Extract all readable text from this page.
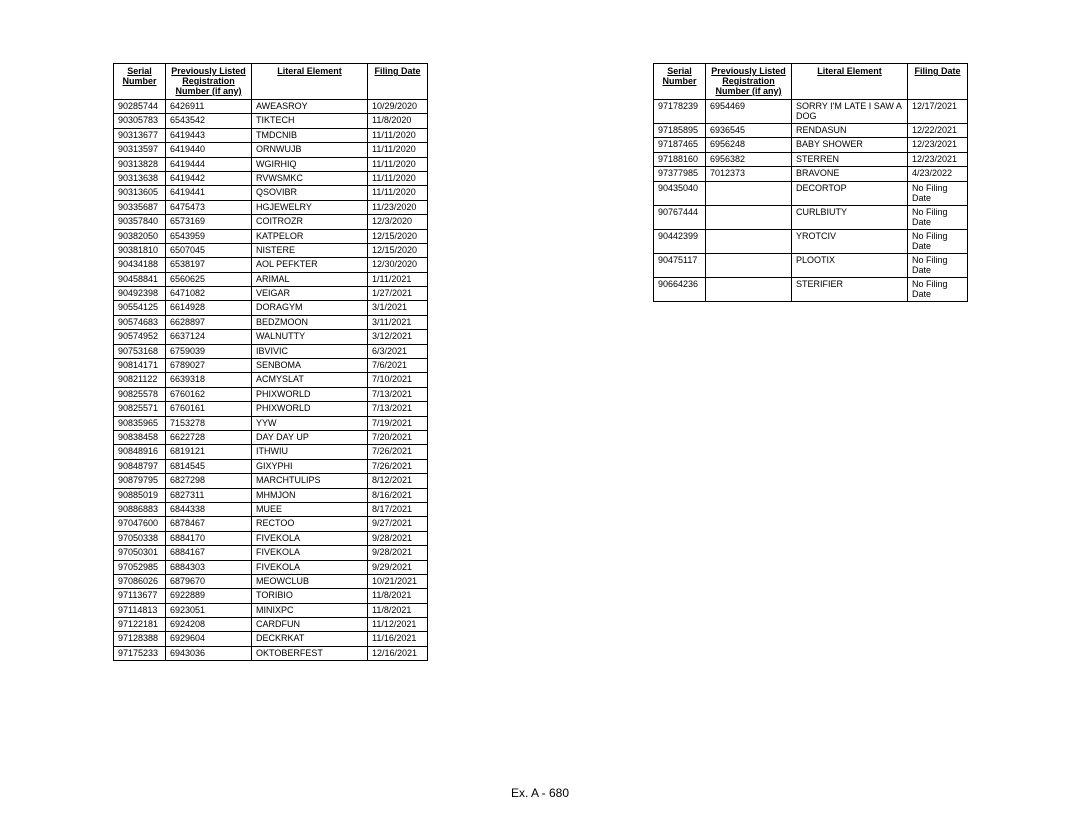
Serial Number	Previously Listed Registration Number (if any)	Literal Element	Filing Date
90285744	6426911	AWEASROY	10/29/2020
90305783	6543542	TIKTECH	11/8/2020
90313677	6419443	TMDCNIB	11/11/2020
90313597	6419440	ORNWUJB	11/11/2020
90313828	6419444	WGIRHIQ	11/11/2020
90313638	6419442	RVWSMKC	11/11/2020
90313605	6419441	QSOVIBR	11/11/2020
90335687	6475473	HGJEWELRY	11/23/2020
90357840	6573169	COITROZR	12/3/2020
90382050	6543959	KATPELOR	12/15/2020
90381810	6507045	NISTERE	12/15/2020
90434188	6538197	AOL PEFKTER	12/30/2020
90458841	6560625	ARIMAL	1/11/2021
90492398	6471082	VEIGAR	1/27/2021
90554125	6614928	DORAGYM	3/1/2021
90574683	6628897	BEDZMOON	3/11/2021
90574952	6637124	WALNUTTY	3/12/2021
90753168	6759039	IBVIVIC	6/3/2021
90814171	6789027	SENBOMA	7/6/2021
90821122	6639318	ACMYSLAT	7/10/2021
90825578	6760162	PHIXWORLD	7/13/2021
90825571	6760161	PHIXWORLD	7/13/2021
90835965	7153278	YYW	7/19/2021
90838458	6622728	DAY DAY UP	7/20/2021
90848916	6819121	ITHWIU	7/26/2021
90848797	6814545	GIXYPHI	7/26/2021
90879795	6827298	MARCHTULIPS	8/12/2021
90885019	6827311	MHMJON	8/16/2021
90886883	6844338	MUEE	8/17/2021
97047600	6878467	RECTOO	9/27/2021
97050338	6884170	FIVEKOLA	9/28/2021
97050301	6884167	FIVEKOLA	9/28/2021
97052985	6884303	FIVEKOLA	9/29/2021
97086026	6879670	MEOWCLUB	10/21/2021
97113677	6922889	TORIBIO	11/8/2021
97114813	6923051	MINIXPC	11/8/2021
97122181	6924208	CARDFUN	11/12/2021
97128388	6929604	DECKRKAT	11/16/2021
97175233	6943036	OKTOBERFEST	12/16/2021
Serial Number	Previously Listed Registration Number (if any)	Literal Element	Filing Date
97178239	6954469	SORRY I'M LATE I SAW A DOG	12/17/2021
97185895	6936545	RENDASUN	12/22/2021
97187465	6956248	BABY SHOWER	12/23/2021
97188160	6956382	STERREN	12/23/2021
97377985	7012373	BRAVONE	4/23/2022
90435040		DECORTOP	No Filing Date
90767444		CURLBIUTY	No Filing Date
90442399		YROTCIV	No Filing Date
90475117		PLOOTIX	No Filing Date
90664236		STERIFIER	No Filing Date
Ex. A - 680
